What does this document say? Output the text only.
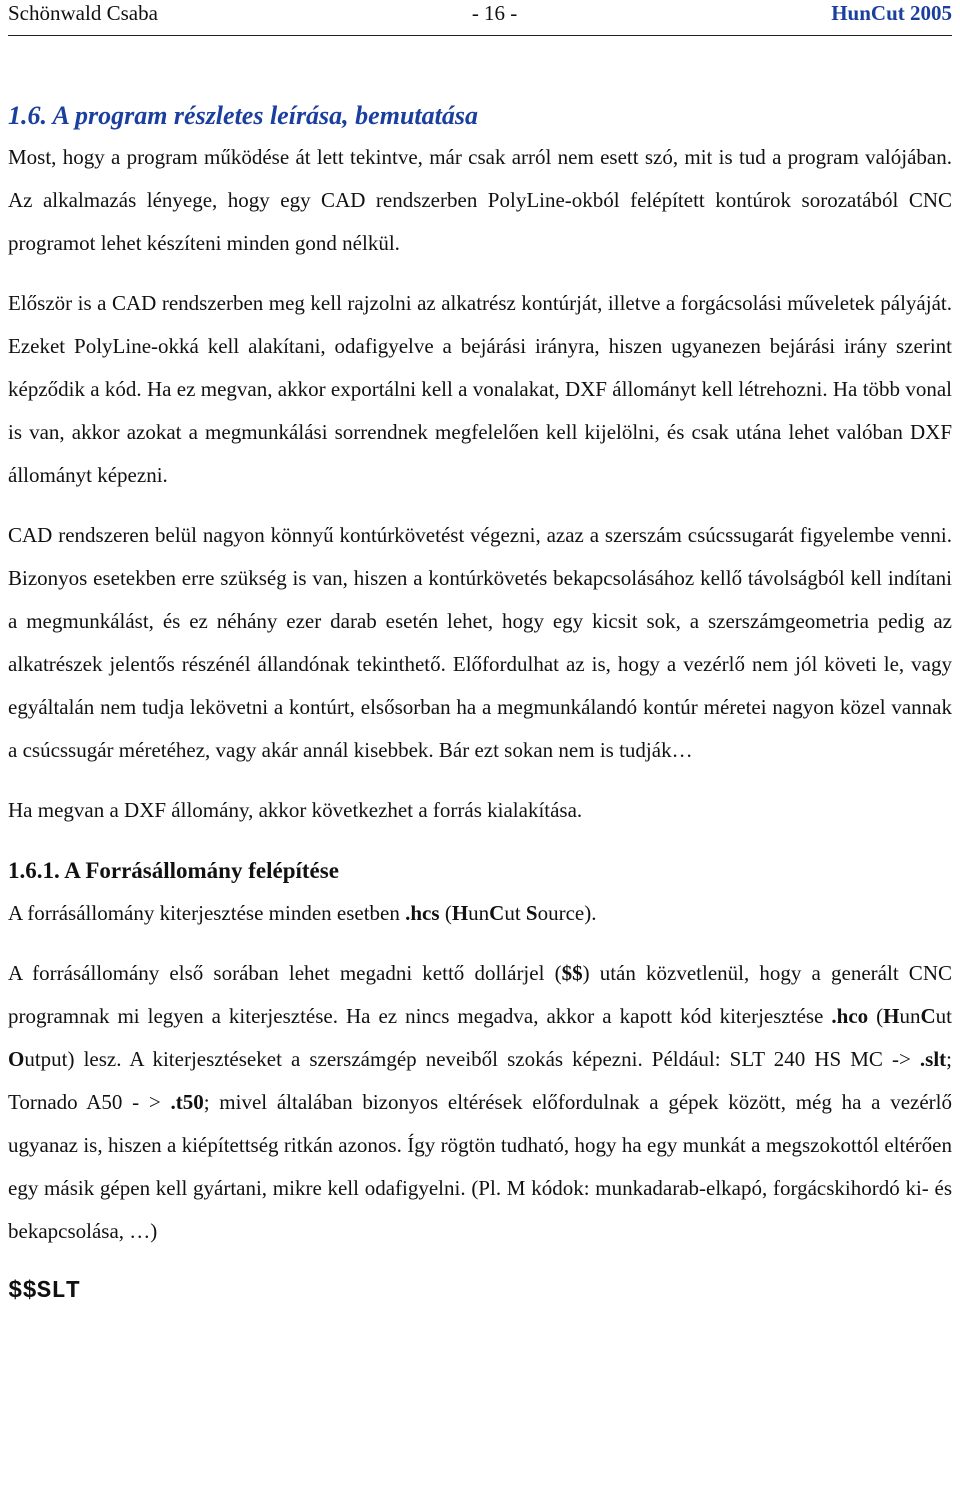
Schönwald Csaba	- 16 -	HunCut 2005
1.6. A program részletes leírása, bemutatása

Most, hogy a program működése át lett tekintve, már csak arról nem esett szó, mit is tud a program valójában. Az alkalmazás lényege, hogy egy CAD rendszerben PolyLine-okból felépített kontúrok sorozatából CNC programot lehet készíteni minden gond nélkül.

Először is a CAD rendszerben meg kell rajzolni az alkatrész kontúrját, illetve a forgácsolási műveletek pályáját. Ezeket PolyLine-okká kell alakítani, odafigyelve a bejárási irányra, hiszen ugyanezen bejárási irány szerint képződik a kód. Ha ez megvan, akkor exportálni kell a vonalakat, DXF állományt kell létrehozni. Ha több vonal is van, akkor azokat a megmunkálási sorrendnek megfelelően kell kijelölni, és csak utána lehet valóban DXF állományt képezni.

CAD rendszeren belül nagyon könnyű kontúrkövetést végezni, azaz a szerszám csúcssugarát figyelembe venni. Bizonyos esetekben erre szükség is van, hiszen a kontúrkövetés bekapcsolásához kellő távolságból kell indítani a megmunkálást, és ez néhány ezer darab esetén lehet, hogy egy kicsit sok, a szerszámgeometria pedig az alkatrészek jelentős részénél állandónak tekinthető. Előfordulhat az is, hogy a vezérlő nem jól követi le, vagy egyáltalán nem tudja lekövetni a kontúrt, elsősorban ha a megmunkálandó kontúr méretei nagyon közel vannak a csúcssugár méretéhez, vagy akár annál kisebbek. Bár ezt sokan nem is tudják…

Ha megvan a DXF állomány, akkor következhet a forrás kialakítása.

1.6.1. A Forrásállomány felépítése

A forrásállomány kiterjesztése minden esetben .hcs (HunCut Source).

A forrásállomány első sorában lehet megadni kettő dollárjel ($$) után közvetlenül, hogy a generált CNC programnak mi legyen a kiterjesztése. Ha ez nincs megadva, akkor a kapott kód kiterjesztése .hco (HunCut Output) lesz. A kiterjesztéseket a szerszámgép neveiből szokás képezni. Például: SLT 240 HS MC -> .slt; Tornado A50 - > .t50; mivel általában bizonyos eltérések előfordulnak a gépek között, még ha a vezérlő ugyanaz is, hiszen a kiépítettség ritkán azonos. Így rögtön tudható, hogy ha egy munkát a megszokottól eltérően egy másik gépen kell gyártani, mikre kell odafigyelni. (Pl. M kódok: munkadarab-elkapó, forgácskihordó ki- és bekapcsolása, …)

$$SLT
